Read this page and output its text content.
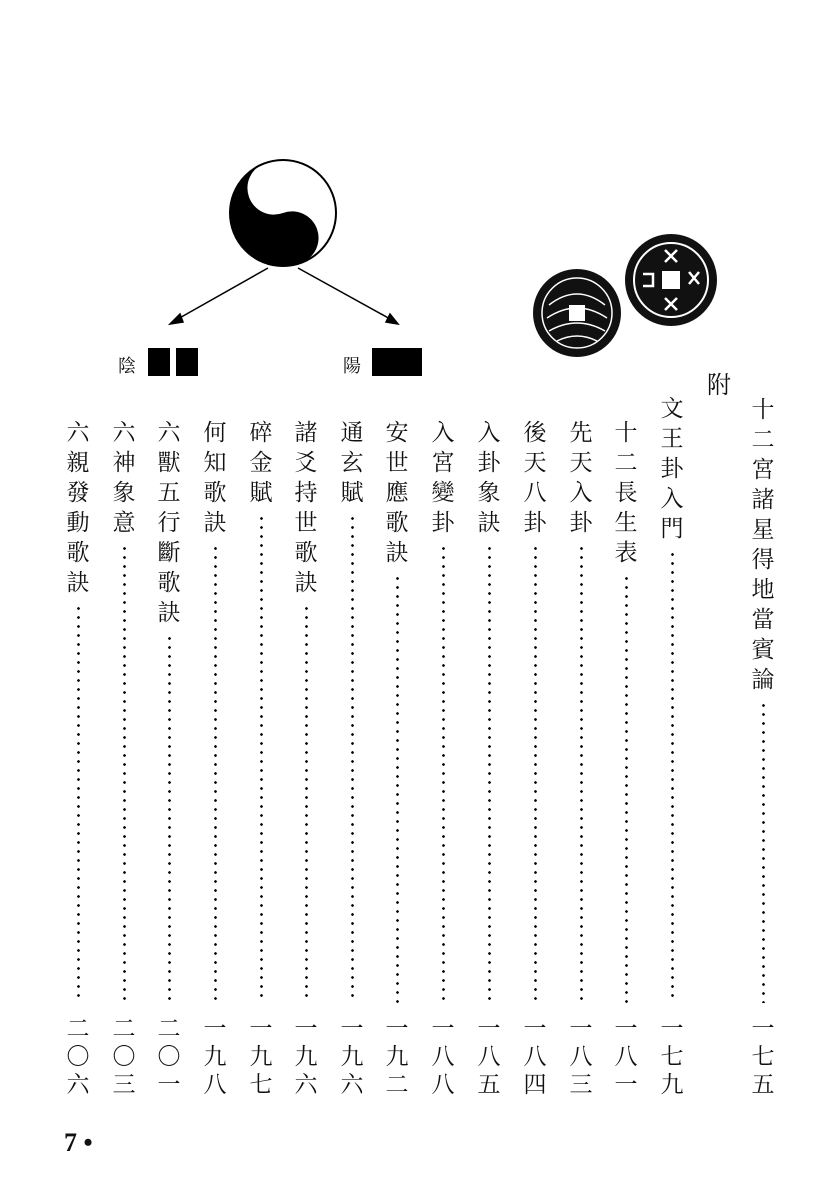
陰	陽
附
十
二
宮
諸
星
得
地
當
賓
論
一
七
五
文
王
卦
入
門
一
七
九
十
二
長
生
表
一
八
一
先
天
入
卦
一
八
三
後
天
八
卦
一
八
四
入
卦
象
訣
一
八
五
入
宮
變
卦
一
八
八
安
世
應
歌
訣
一
九
二
通
玄
賦
一
九
六
諸
爻
持
世
歌
訣
一
九
六
碎
金
賦
一
九
七
何
知
歌
訣
一
九
八
六
獸
五
行
斷
歌
訣
二
〇
一
六
神
象
意
二
〇
三
六
親
發
動
歌
訣
二
〇
六
7 •
